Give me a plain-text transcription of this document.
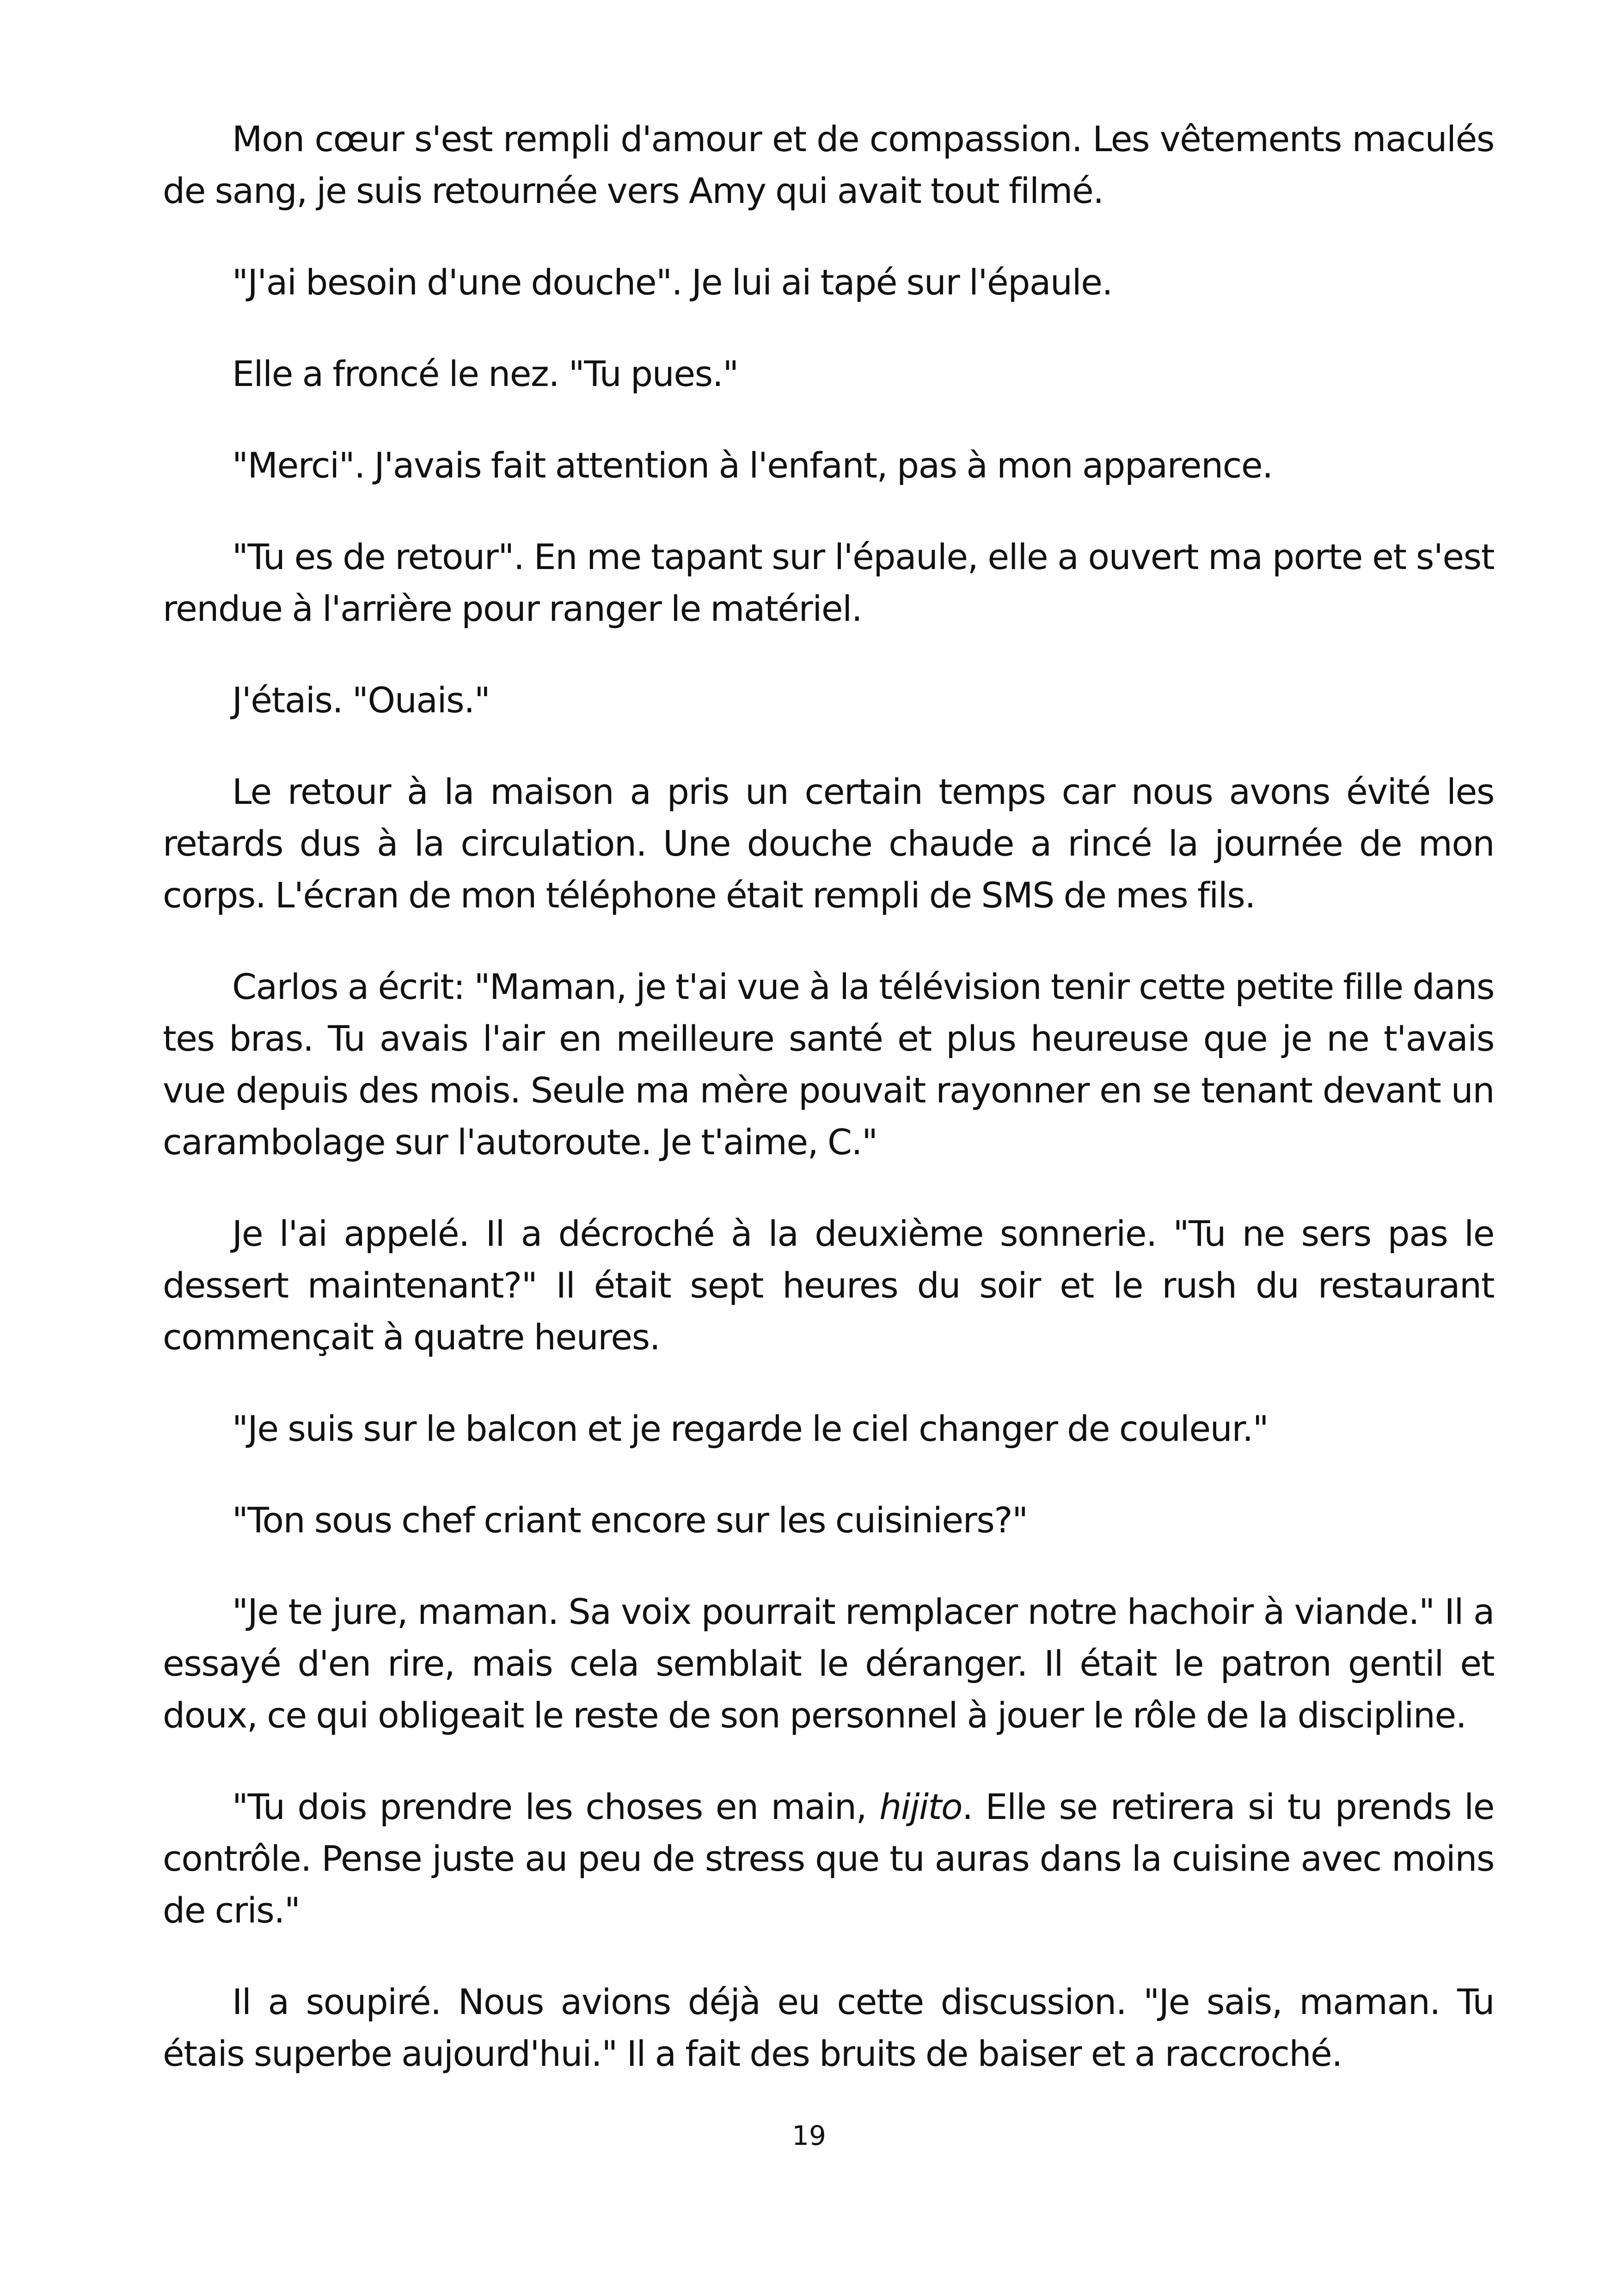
Mon cœur s'est rempli d'amour et de compassion. Les vêtements maculés de sang, je suis retournée vers Amy qui avait tout filmé.

"J'ai besoin d'une douche". Je lui ai tapé sur l'épaule.

Elle a froncé le nez. "Tu pues."

"Merci". J'avais fait attention à l'enfant, pas à mon apparence.

"Tu es de retour". En me tapant sur l'épaule, elle a ouvert ma porte et s'est rendue à l'arrière pour ranger le matériel.

J'étais. "Ouais."

Le retour à la maison a pris un certain temps car nous avons évité les retards dus à la circulation. Une douche chaude a rincé la journée de mon corps. L'écran de mon téléphone était rempli de SMS de mes fils.

Carlos a écrit: "Maman, je t'ai vue à la télévision tenir cette petite fille dans tes bras. Tu avais l'air en meilleure santé et plus heureuse que je ne t'avais vue depuis des mois. Seule ma mère pouvait rayonner en se tenant devant un carambolage sur l'autoroute. Je t'aime, C."

Je l'ai appelé. Il a décroché à la deuxième sonnerie. "Tu ne sers pas le dessert maintenant?" Il était sept heures du soir et le rush du restaurant commençait à quatre heures.

"Je suis sur le balcon et je regarde le ciel changer de couleur."

"Ton sous chef criant encore sur les cuisiniers?"

"Je te jure, maman. Sa voix pourrait remplacer notre hachoir à viande." Il a essayé d'en rire, mais cela semblait le déranger. Il était le patron gentil et doux, ce qui obligeait le reste de son personnel à jouer le rôle de la discipline.

"Tu dois prendre les choses en main, hijito. Elle se retirera si tu prends le contrôle. Pense juste au peu de stress que tu auras dans la cuisine avec moins de cris."

Il a soupiré. Nous avions déjà eu cette discussion. "Je sais, maman. Tu étais superbe aujourd'hui." Il a fait des bruits de baiser et a raccroché.

19
